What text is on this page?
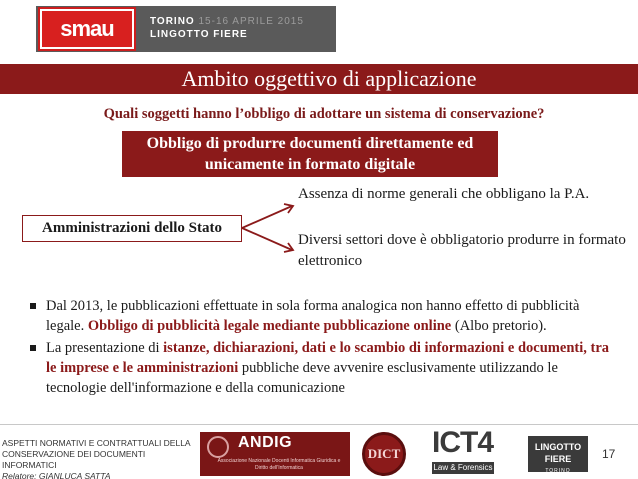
smau	TORINO 15-16 APRILE 2015
LINGOTTO FIERE
Ambito oggettivo di applicazione
Quali soggetti hanno l’obbligo di adottare un sistema di conservazione?
Obbligo di produrre documenti direttamente ed
unicamente in formato digitale
Amministrazioni dello Stato
Assenza di norme generali che obbligano la P.A.
Diversi settori dove è obbligatorio produrre in formato elettronico
Dal 2013, le pubblicazioni effettuate in sola forma analogica non hanno effetto di pubblicità legale. Obbligo di pubblicità legale mediante pubblicazione online (Albo pretorio).
La presentazione di istanze, dichiarazioni, dati e lo scambio di informazioni e documenti, tra le imprese e le amministrazioni pubbliche deve avvenire esclusivamente utilizzando le tecnologie dell'informazione e della comunicazione
ASPETTI NORMATIVI E CONTRATTUALI DELLA
CONSERVAZIONE DEI DOCUMENTI INFORMATICI
Relatore: GIANLUCA SATTA
ANDIG
Associazione Nazionale Docenti Informatica Giuridica e Diritto dell'Informatica
DICT ICT4
Law & Forensics
LINGOTTO FIERE
TORINO
17
